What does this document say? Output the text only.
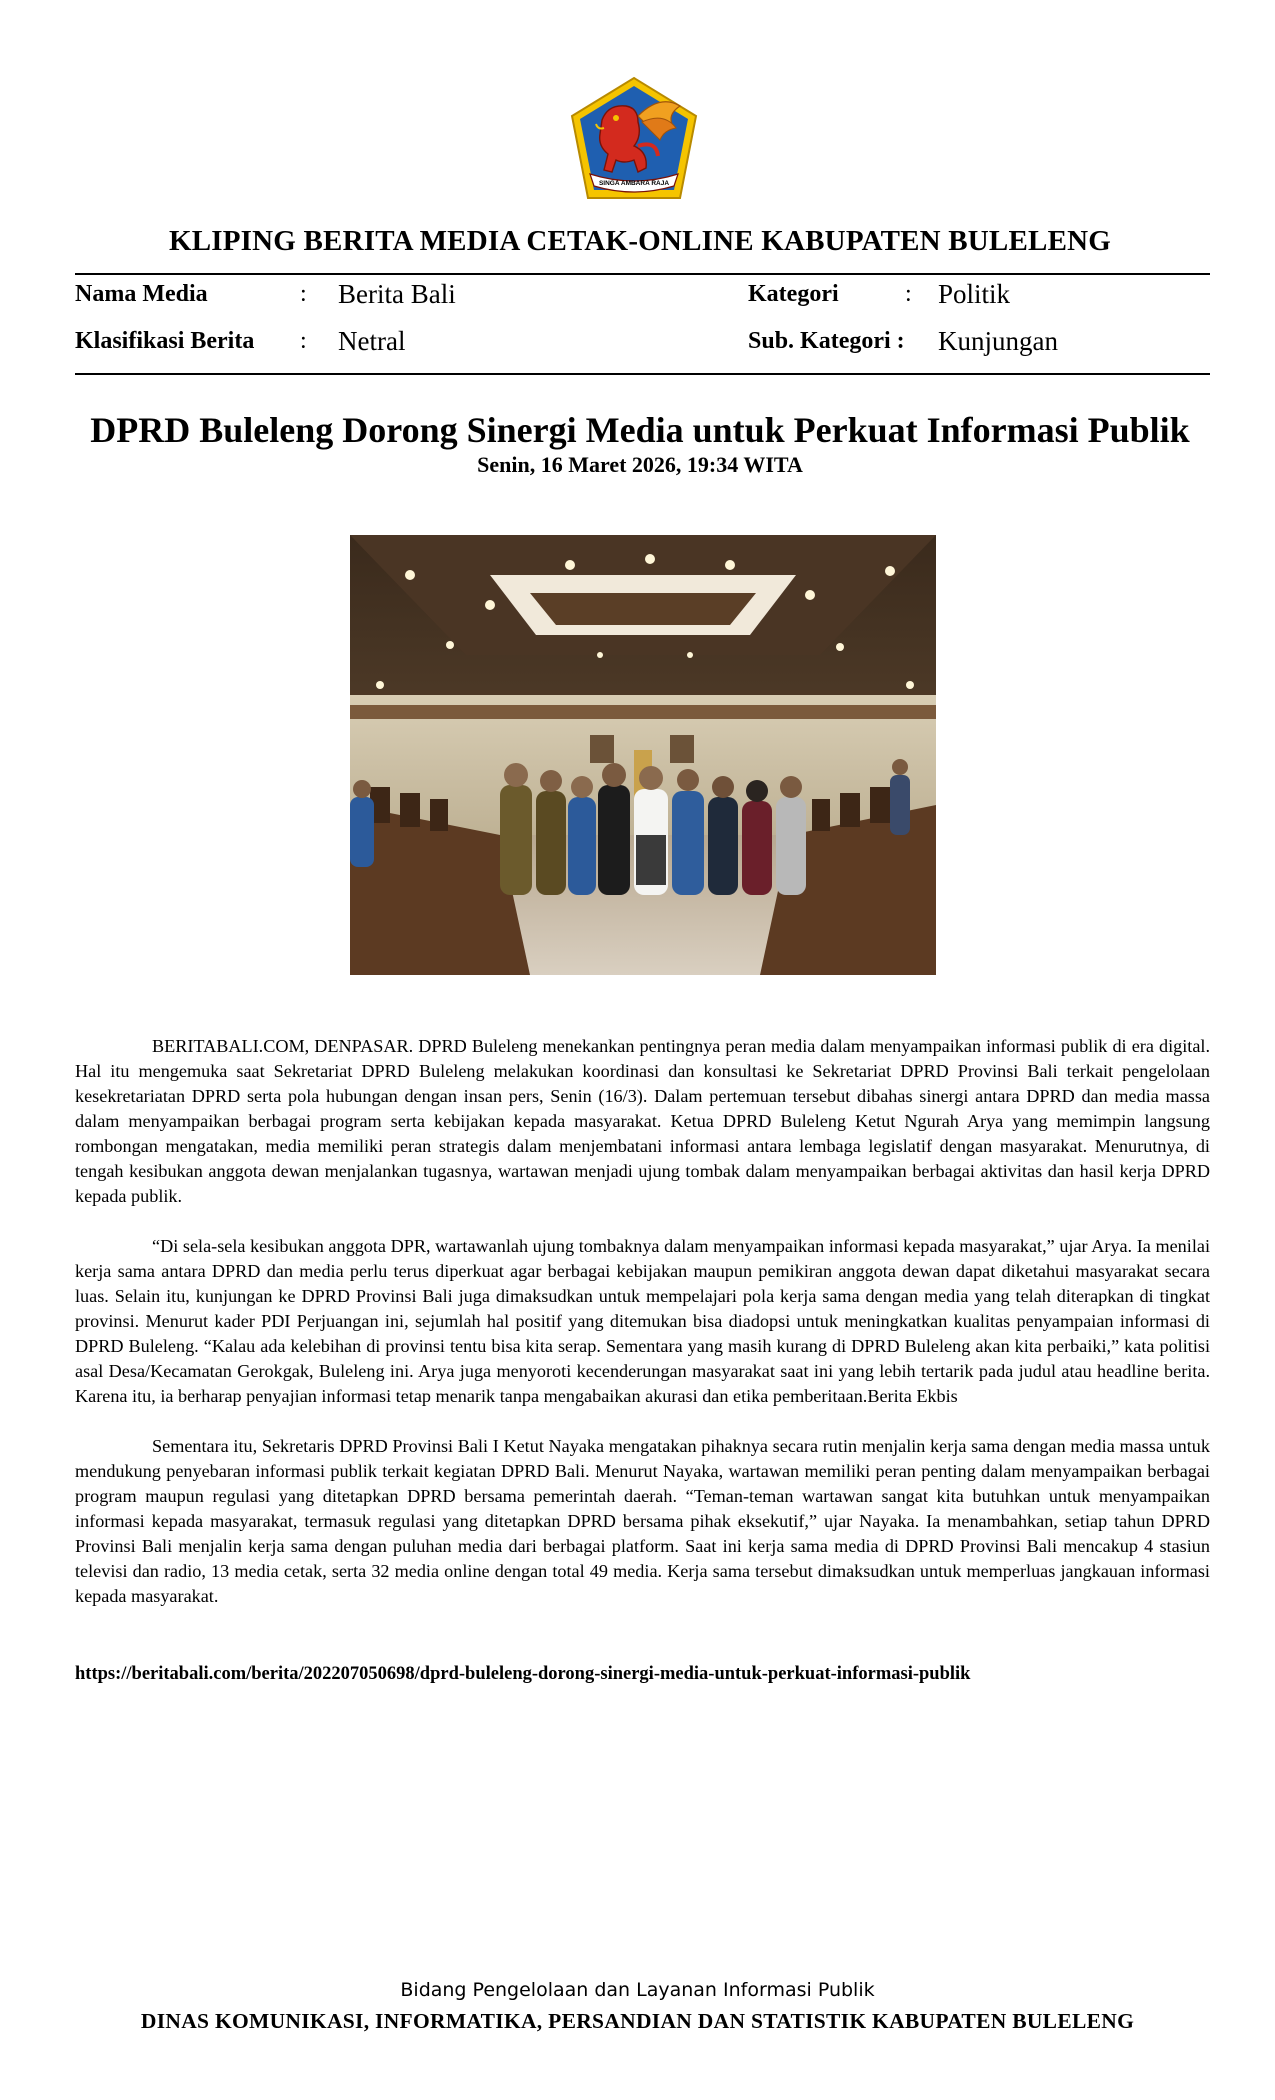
SINGA AMBARA RAJA
KLIPING BERITA MEDIA CETAK-ONLINE KABUPATEN BULELENG
Nama Media	: Berita Bali	Kategori	: Politik
Klasifikasi Berita : Netral	Sub. Kategori : Kunjungan
DPRD Buleleng Dorong Sinergi Media untuk Perkuat Informasi Publik
Senin, 16 Maret 2026, 19:34 WITA

BERITABALI.COM, DENPASAR. DPRD Buleleng menekankan pentingnya peran media dalam menyampaikan informasi publik di era digital. Hal itu mengemuka saat Sekretariat DPRD Buleleng melakukan koordinasi dan konsultasi ke Sekretariat DPRD Provinsi Bali terkait pengelolaan kesekretariatan DPRD serta pola hubungan dengan insan pers, Senin (16/3). Dalam pertemuan tersebut dibahas sinergi antara DPRD dan media massa dalam menyampaikan berbagai program serta kebijakan kepada masyarakat. Ketua DPRD Buleleng Ketut Ngurah Arya yang memimpin langsung rombongan mengatakan, media memiliki peran strategis dalam menjembatani informasi antara lembaga legislatif dengan masyarakat. Menurutnya, di tengah kesibukan anggota dewan menjalankan tugasnya, wartawan menjadi ujung tombak dalam menyampaikan berbagai aktivitas dan hasil kerja DPRD kepada publik.

“Di sela-sela kesibukan anggota DPR, wartawanlah ujung tombaknya dalam menyampaikan informasi kepada masyarakat,” ujar Arya. Ia menilai kerja sama antara DPRD dan media perlu terus diperkuat agar berbagai kebijakan maupun pemikiran anggota dewan dapat diketahui masyarakat secara luas. Selain itu, kunjungan ke DPRD Provinsi Bali juga dimaksudkan untuk mempelajari pola kerja sama dengan media yang telah diterapkan di tingkat provinsi. Menurut kader PDI Perjuangan ini, sejumlah hal positif yang ditemukan bisa diadopsi untuk meningkatkan kualitas penyampaian informasi di DPRD Buleleng. “Kalau ada kelebihan di provinsi tentu bisa kita serap. Sementara yang masih kurang di DPRD Buleleng akan kita perbaiki,” kata politisi asal Desa/Kecamatan Gerokgak, Buleleng ini. Arya juga menyoroti kecenderungan masyarakat saat ini yang lebih tertarik pada judul atau headline berita. Karena itu, ia berharap penyajian informasi tetap menarik tanpa mengabaikan akurasi dan etika pemberitaan.Berita Ekbis

Sementara itu, Sekretaris DPRD Provinsi Bali I Ketut Nayaka mengatakan pihaknya secara rutin menjalin kerja sama dengan media massa untuk mendukung penyebaran informasi publik terkait kegiatan DPRD Bali. Menurut Nayaka, wartawan memiliki peran penting dalam menyampaikan berbagai program maupun regulasi yang ditetapkan DPRD bersama pemerintah daerah. “Teman-teman wartawan sangat kita butuhkan untuk menyampaikan informasi kepada masyarakat, termasuk regulasi yang ditetapkan DPRD bersama pihak eksekutif,” ujar Nayaka. Ia menambahkan, setiap tahun DPRD Provinsi Bali menjalin kerja sama dengan puluhan media dari berbagai platform. Saat ini kerja sama media di DPRD Provinsi Bali mencakup 4 stasiun televisi dan radio, 13 media cetak, serta 32 media online dengan total 49 media. Kerja sama tersebut dimaksudkan untuk memperluas jangkauan informasi kepada masyarakat.

https://beritabali.com/berita/202207050698/dprd-buleleng-dorong-sinergi-media-untuk-perkuat-informasi-publik
Bidang Pengelolaan dan Layanan Informasi Publik
DINAS KOMUNIKASI, INFORMATIKA, PERSANDIAN DAN STATISTIK KABUPATEN BULELENG
